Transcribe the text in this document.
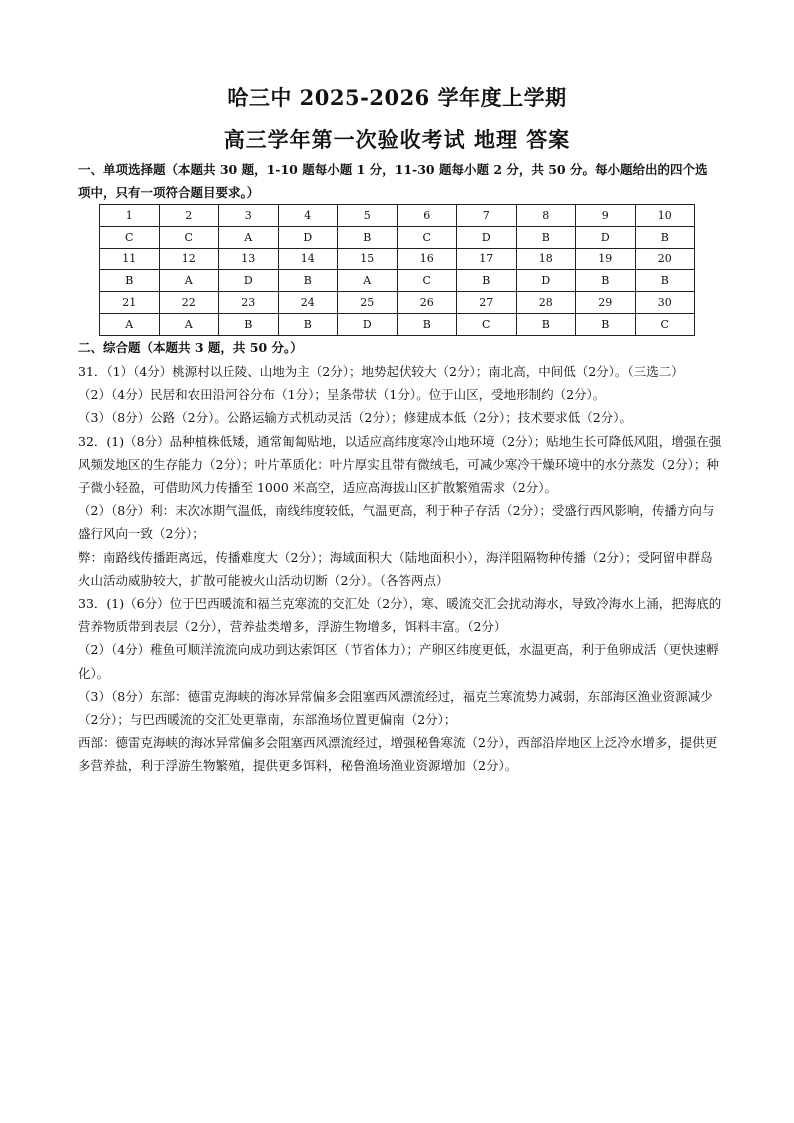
哈三中 2025-2026 学年度上学期
高三学年第一次验收考试 地理 答案
一、单项选择题（本题共 30 题，1-10 题每小题 1 分，11-30 题每小题 2 分，共 50 分。每小题给出的四个选项中，只有一项符合题目要求。）
1	2	3	4	5	6	7	8	9	10
C	C	A	D	B	C	D	B	D	B
11	12	13	14	15	16	17	18	19	20
B	A	D	B	A	C	B	D	B	B
21	22	23	24	25	26	27	28	29	30
A	A	B	B	D	B	C	B	B	C
二、综合题（本题共 3 题，共 50 分。）

31．（1）（4分）桃源村以丘陵、山地为主（2分）；地势起伏较大（2分）；南北高，中间低（2分）。（三选二）

（2）（4分）民居和农田沿河谷分布（1分）；呈条带状（1分）。位于山区，受地形制约（2分）。

（3）（8分）公路（2分）。公路运输方式机动灵活（2分）；修建成本低（2分）；技术要求低（2分）。

32．(1)（8分）品种植株低矮，通常匍匐贴地，以适应高纬度寒冷山地环境（2分）；贴地生长可降低风阻，增强在强风频发地区的生存能力（2分）；叶片革质化：叶片厚实且带有微绒毛，可减少寒冷干燥环境中的水分蒸发（2分）；种子微小轻盈，可借助风力传播至 1000 米高空，适应高海拔山区扩散繁殖需求（2分）。

（2）（8分）利：末次冰期气温低，南线纬度较低，气温更高，利于种子存活（2分）；受盛行西风影响，传播方向与盛行风向一致（2分）；

弊：南路线传播距离远，传播难度大（2分）；海域面积大（陆地面积小），海洋阻隔物种传播（2分）；受阿留申群岛火山活动威胁较大，扩散可能被火山活动切断（2分）。（各答两点）

33．(1)（6分）位于巴西暖流和福兰克寒流的交汇处（2分），寒、暖流交汇会扰动海水，导致冷海水上涌，把海底的营养物质带到表层（2分），营养盐类增多，浮游生物增多，饵料丰富。（2分）

（2）（4分）稚鱼可顺洋流流向成功到达索饵区（节省体力）；产卵区纬度更低，水温更高，利于鱼卵成活（更快速孵化）。

（3）（8分）东部：德雷克海峡的海冰异常偏多会阻塞西风漂流经过，福克兰寒流势力减弱，东部海区渔业资源减少（2分）；与巴西暖流的交汇处更靠南，东部渔场位置更偏南（2分）；

西部：德雷克海峡的海冰异常偏多会阻塞西风漂流经过，增强秘鲁寒流（2分），西部沿岸地区上泛冷水增多，提供更多营养盐，利于浮游生物繁殖，提供更多饵料，秘鲁渔场渔业资源增加（2分）。
